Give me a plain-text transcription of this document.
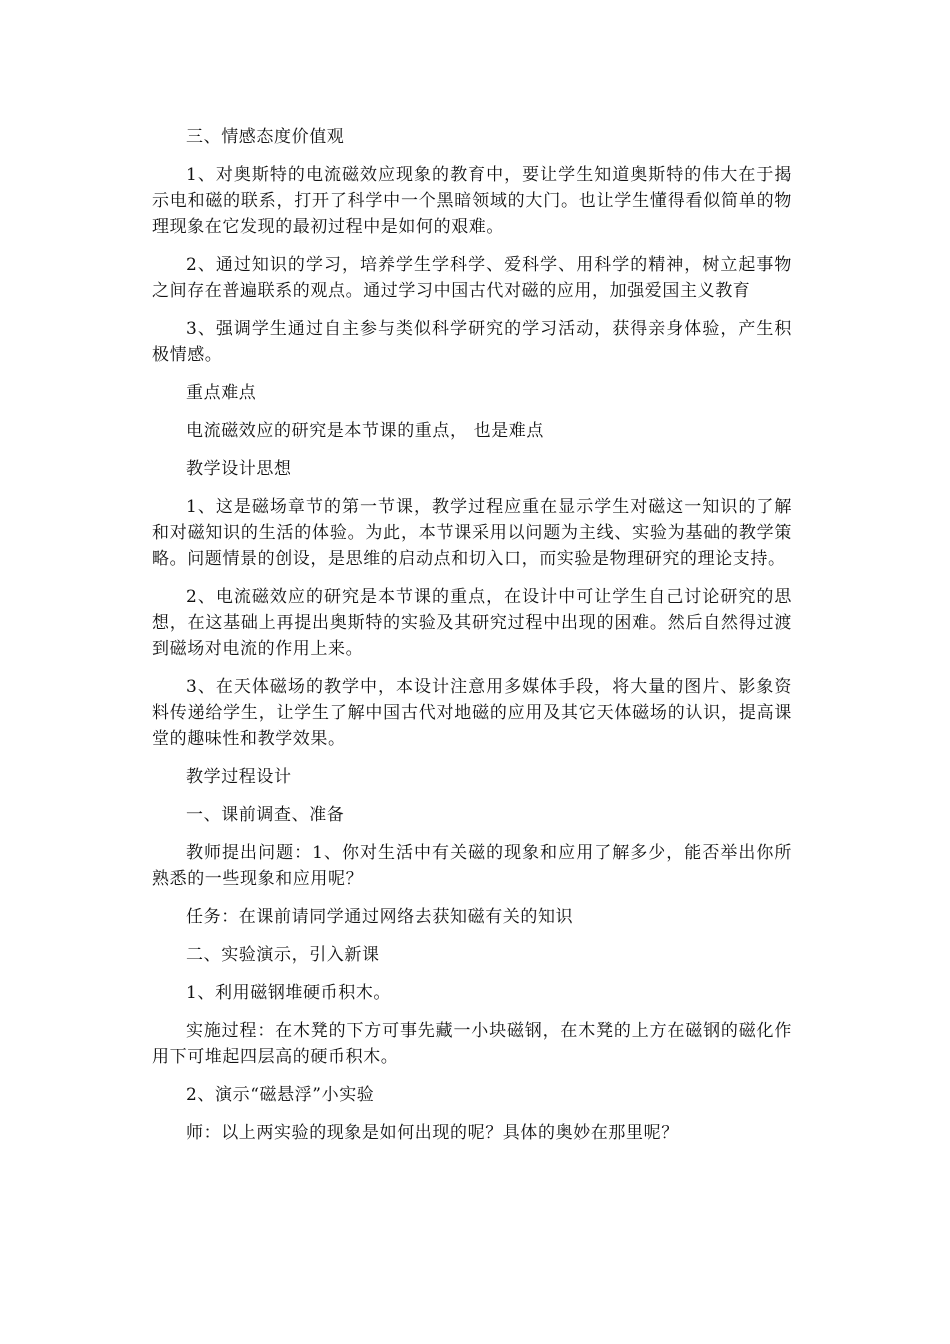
三、情感态度价值观

1、对奥斯特的电流磁效应现象的教育中，要让学生知道奥斯特的伟大在于揭示电和磁的联系，打开了科学中一个黑暗领域的大门。也让学生懂得看似简单的物理现象在它发现的最初过程中是如何的艰难。

2、通过知识的学习，培养学生学科学、爱科学、用科学的精神，树立起事物之间存在普遍联系的观点。通过学习中国古代对磁的应用，加强爱国主义教育

3、强调学生通过自主参与类似科学研究的学习活动，获得亲身体验，产生积极情感。

重点难点

电流磁效应的研究是本节课的重点， 也是难点

教学设计思想

1、这是磁场章节的第一节课，教学过程应重在显示学生对磁这一知识的了解和对磁知识的生活的体验。为此，本节课采用以问题为主线、实验为基础的教学策略。问题情景的创设，是思维的启动点和切入口，而实验是物理研究的理论支持。

2、电流磁效应的研究是本节课的重点，在设计中可让学生自己讨论研究的思想，在这基础上再提出奥斯特的实验及其研究过程中出现的困难。然后自然得过渡到磁场对电流的作用上来。

3、在天体磁场的教学中，本设计注意用多媒体手段，将大量的图片、影象资料传递给学生，让学生了解中国古代对地磁的应用及其它天体磁场的认识，提高课堂的趣味性和教学效果。

教学过程设计

一、课前调查、准备

教师提出问题：1、你对生活中有关磁的现象和应用了解多少，能否举出你所熟悉的一些现象和应用呢？

任务：在课前请同学通过网络去获知磁有关的知识

二、实验演示，引入新课

1、利用磁钢堆硬币积木。

实施过程：在木凳的下方可事先藏一小块磁钢，在木凳的上方在磁钢的磁化作用下可堆起四层高的硬币积木。

2、演示“磁悬浮”小实验

师：以上两实验的现象是如何出现的呢？具体的奥妙在那里呢？
